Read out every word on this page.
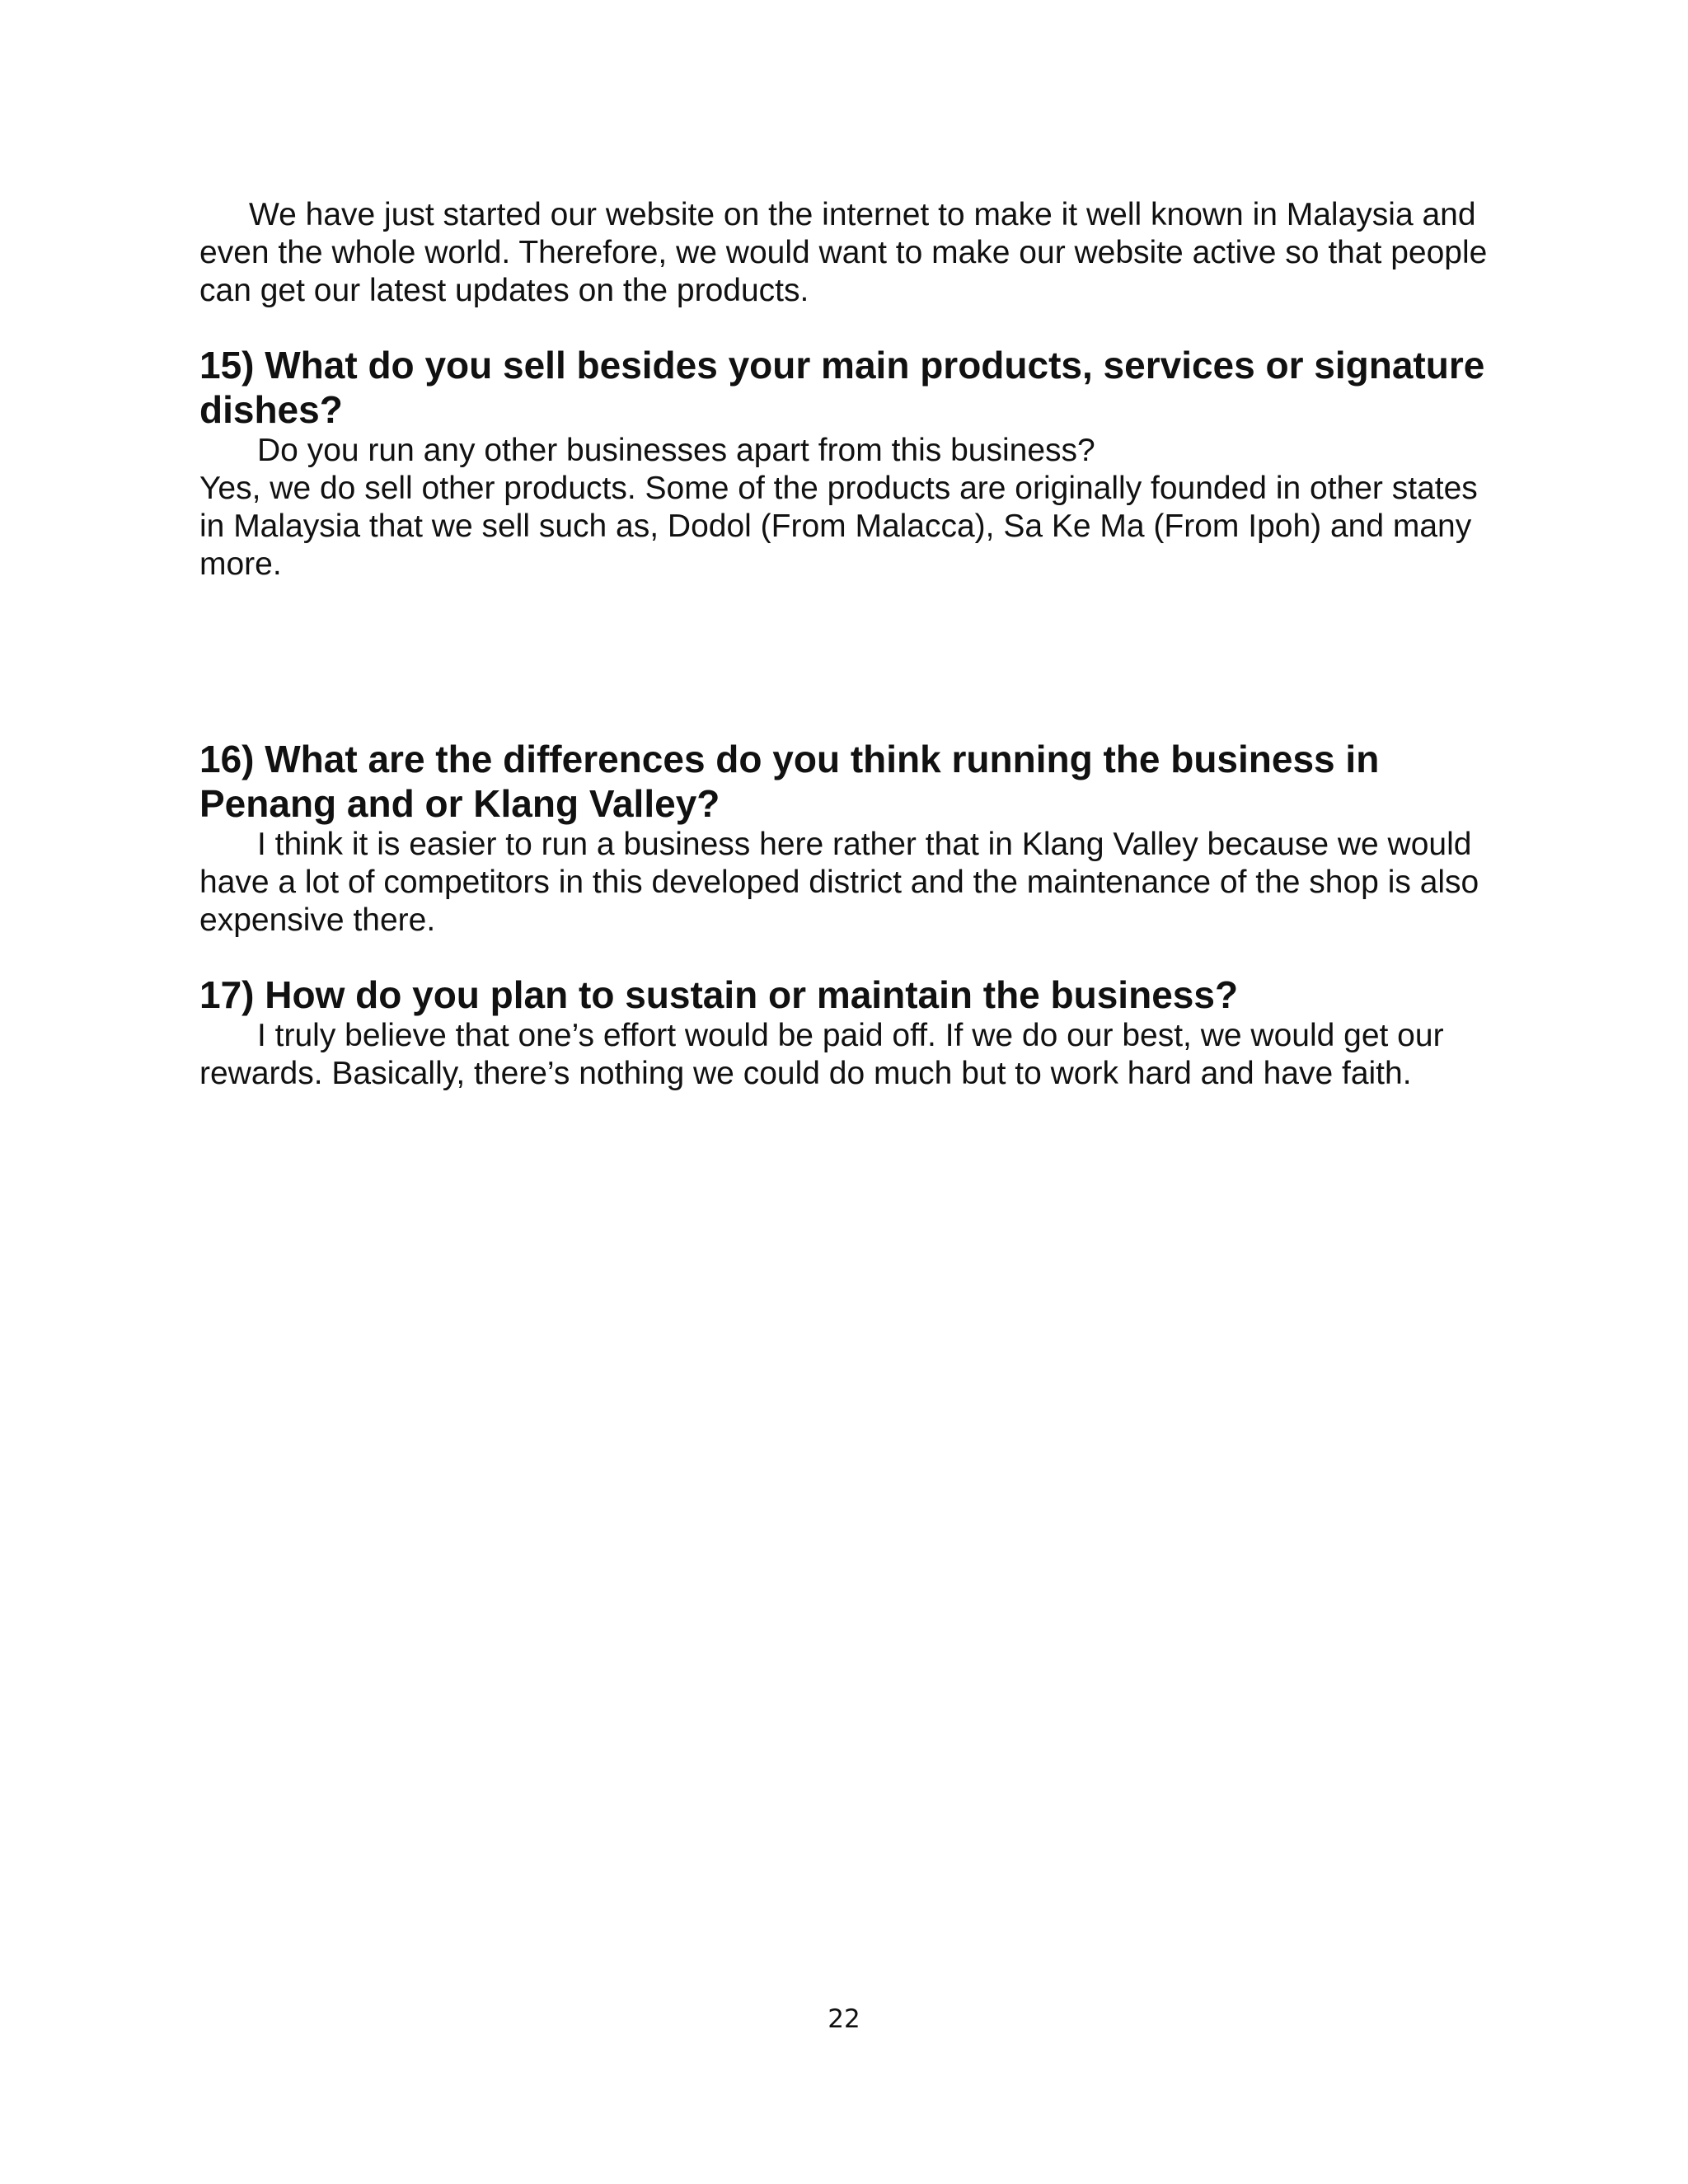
We have just started our website on the internet to make it well known in Malaysia and even the whole world. Therefore, we would want to make our website active so that people can get our latest updates on the products.

15) What do you sell besides your main products, services or signature dishes?

Do you run any other businesses apart from this business?

Yes, we do sell other products. Some of the products are originally founded in other states in Malaysia that we sell such as, Dodol (From Malacca), Sa Ke Ma (From Ipoh) and many more.

16) What are the differences do you think running the business in Penang and or Klang Valley?

I think it is easier to run a business here rather that in Klang Valley because we would have a lot of competitors in this developed district and the maintenance of the shop is also expensive there.

17) How do you plan to sustain or maintain the business?

I truly believe that one’s effort would be paid off. If we do our best, we would get our rewards. Basically, there’s nothing we could do much but to work hard and have faith.

22
